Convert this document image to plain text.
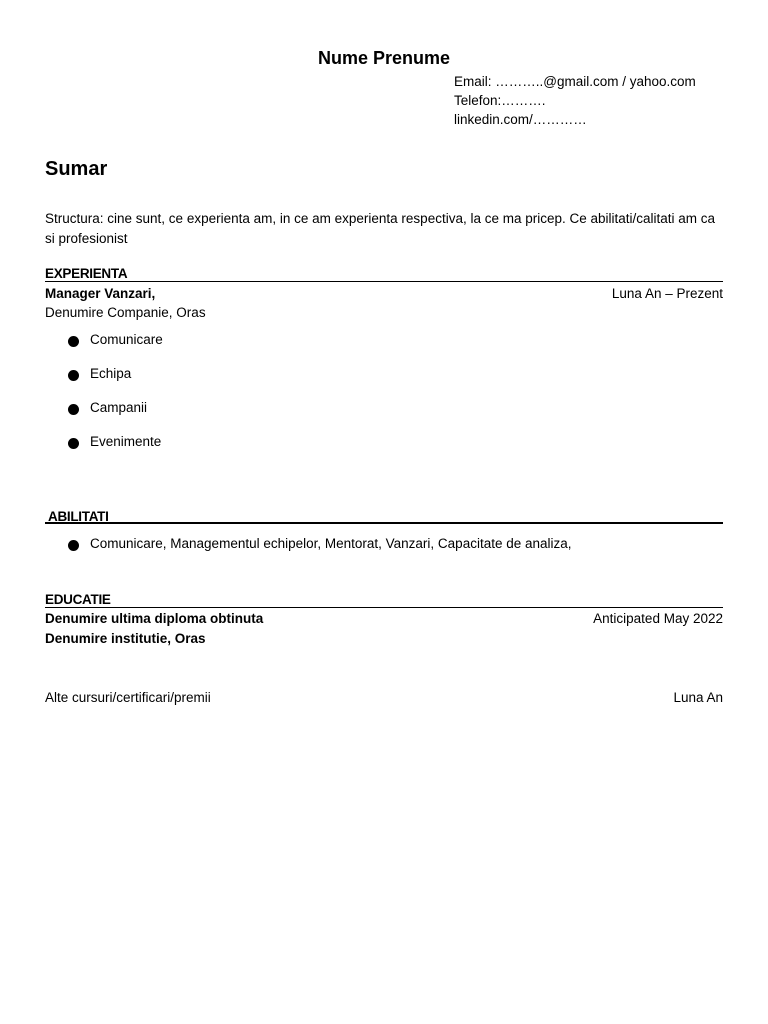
Nume Prenume
Email: ………..@gmail.com / yahoo.com
Telefon:……….
linkedin.com/…………
Sumar
Structura: cine sunt, ce experienta am, in ce am experienta respectiva, la ce ma pricep. Ce abilitati/calitati am ca si profesionist
EXPERIENTA
Manager Vanzari,	Luna An – Prezent
Denumire Companie, Oras
Comunicare
Echipa
Campanii
Evenimente
ABILITATI
Comunicare, Managementul echipelor, Mentorat, Vanzari, Capacitate de analiza,
EDUCATIE
Denumire ultima diploma obtinuta	Anticipated May 2022
Denumire institutie, Oras
Alte cursuri/certificari/premii	Luna An
